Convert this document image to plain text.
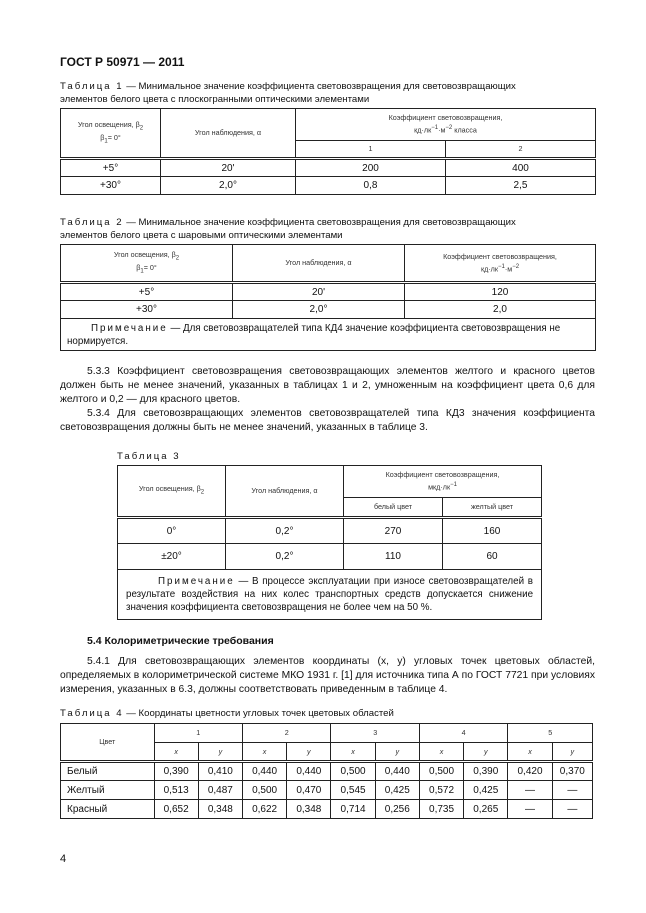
ГОСТ Р 50971 — 2011
Таблица 1 — Минимальное значение коэффициента световозвращения для световозвращающих
элементов белого цвета с плоскогранными оптическими элементами
Угол освещения, $\beta_2$
$\beta_1= 0^\circ$	Угол наблюдения, α	Коэффициент световозвращения,
$кд\cdot лк^{-1}\cdot м^{-2}$ класса	
		1	2
+5°	20'	200	400
+30°	2,0°	0,8	2,5
Таблица 2 — Минимальное значение коэффициента световозвращения для световозвращающих
элементов белого цвета с шаровыми оптическими элементами
Угол освещения, $\beta_2$
$\beta_1= 0^\circ$	Угол наблюдения, α	Коэффициент световозвращения,
$кд\cdot лк^{-1}\cdot м^{-2}$
+5°	20'	120
+30°	2,0°	2,0
Примечание — Для световозвращателей типа КД4 значение коэффициента световозвращения не нормируется.		
5.3.3 Коэффициент световозвращения световозвращающих элементов желтого и красного цветов должен быть не менее значений, указанных в таблицах 1 и 2, умноженным на коэффициент цвета 0,6 для желтого и 0,2 — для красного цветов.
5.3.4 Для световозвращающих элементов световозвращателей типа КД3 значения коэффициента световозвращения должны быть не менее значений, указанных в таблице 3.
Таблица 3
Угол освещения, $\beta_2$	Угол наблюдения, α	Коэффициент световозвращения,
$мкд\cdot лк^{-1}$
		белый цвет	желтый цвет
0°	0,2°	270	160
±20°	0,2°	110	60
Примечание — В процессе эксплуатации при износе световозвращателей в результате воздействия на них колес транспортных средств допускается снижение значения коэффициента световозвращения не более чем на 50 %.			
5.4 Колориметрические требования
5.4.1 Для световозвращающих элементов координаты (x, y) угловых точек цветовых областей, определяемых в колориметрической системе МКО 1931 г. [1] для источника типа А по ГОСТ 7721 при условиях измерения, указанных в 6.3, должны соответствовать приведенным в таблице 4.
Таблица 4 — Координаты цветности угловых точек цветовых областей
Цвет	1		2		3		4		5	
	x	y	x	y	x	y	x	y	x	y
Белый	0,390	0,410	0,440	0,440	0,500	0,440	0,500	0,390	0,420	0,370
Желтый	0,513	0,487	0,500	0,470	0,545	0,425	0,572	0,425	—	—
Красный	0,652	0,348	0,622	0,348	0,714	0,256	0,735	0,265	—	—
4
